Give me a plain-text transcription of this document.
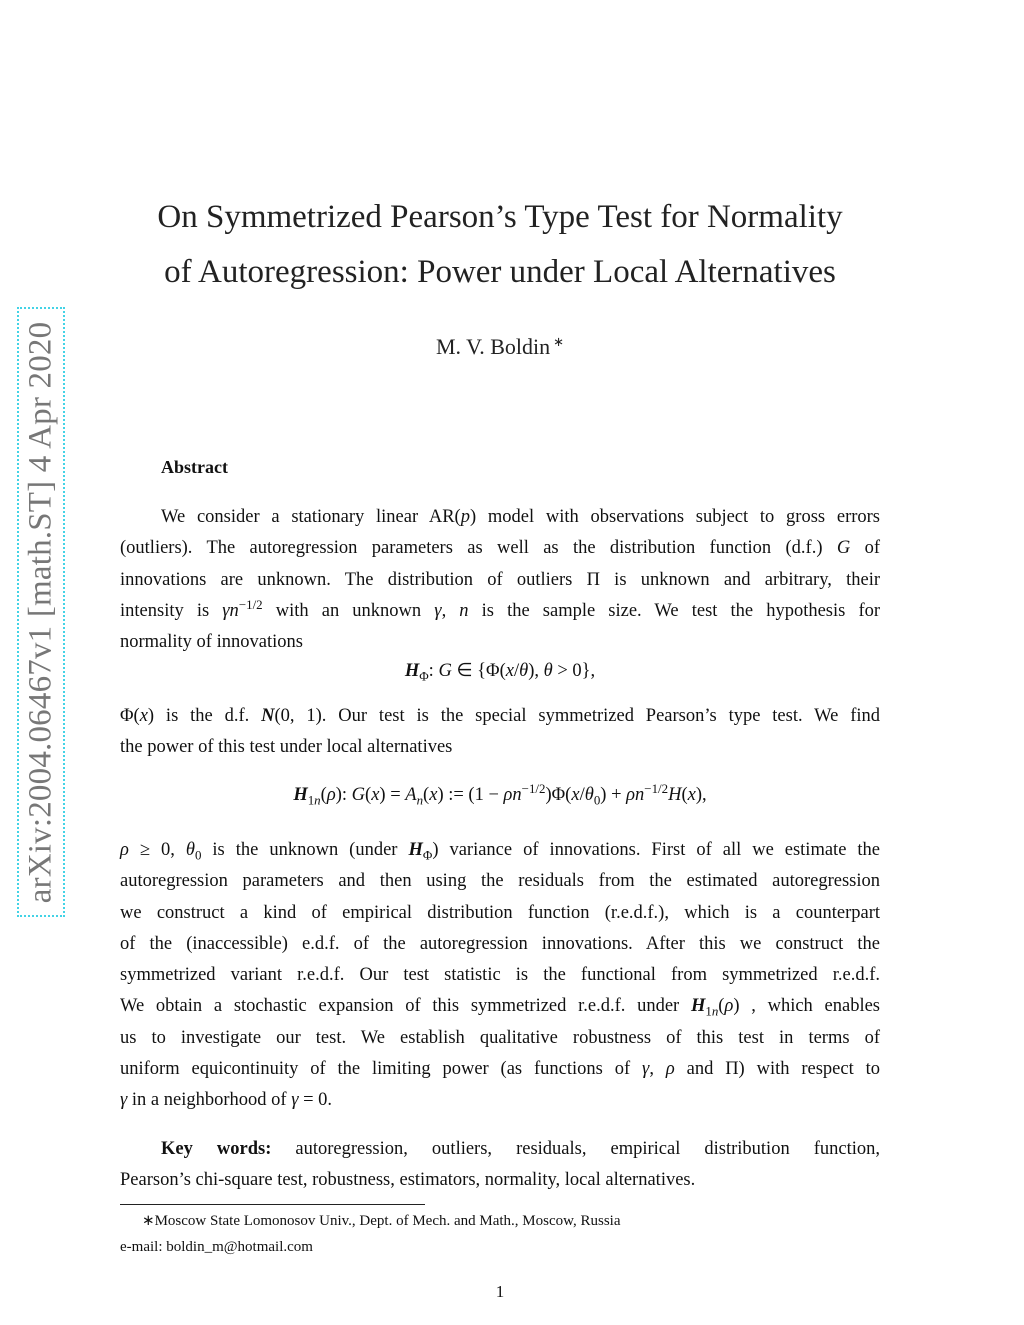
arXiv:2004.06467v1 [math.ST] 4 Apr 2020
On Symmetrized Pearson’s Type Test for Normality
of Autoregression: Power under Local Alternatives
M. V. Boldin ∗
Abstract
We consider a stationary linear AR(p) model with observations subject to gross errors
(outliers). The autoregression parameters as well as the distribution function (d.f.) G of
innovations are unknown. The distribution of outliers Π is unknown and arbitrary, their
intensity is $\gamma n^{-1/2}$ with an unknown γ, n is the sample size. We test the hypothesis for
normality of innovations
$H_\Phi$: G ∈ {Φ(x/θ), θ > 0},
Φ(x) is the d.f. N(0, 1). Our test is the special symmetrized Pearson’s type test. We find
the power of this test under local alternatives
$H_{1n}(\rho)$: $G(x) = A_n(x)$ := $(1 - \rho n^{-1/2})\Phi(x/\theta_0) + \rho n^{-1/2}H(x)$,
ρ ≥ 0, $\theta_0$ is the unknown (under $H_\Phi$) variance of innovations. First of all we estimate the
autoregression parameters and then using the residuals from the estimated autoregression
we construct a kind of empirical distribution function (r.e.d.f.), which is a counterpart
of the (inaccessible) e.d.f. of the autoregression innovations. After this we construct the
symmetrized variant r.e.d.f. Our test statistic is the functional from symmetrized r.e.d.f.
We obtain a stochastic expansion of this symmetrized r.e.d.f. under $H_{1n}(\rho)$ , which enables
us to investigate our test. We establish qualitative robustness of this test in terms of
uniform equicontinuity of the limiting power (as functions of γ, ρ and Π) with respect to
γ in a neighborhood of γ = 0.
Key words: autoregression, outliers, residuals, empirical distribution function,
Pearson’s chi-square test, robustness, estimators, normality, local alternatives.
∗Moscow State Lomonosov Univ., Dept. of Mech. and Math., Moscow, Russia
e-mail: boldin_m@hotmail.com
1
